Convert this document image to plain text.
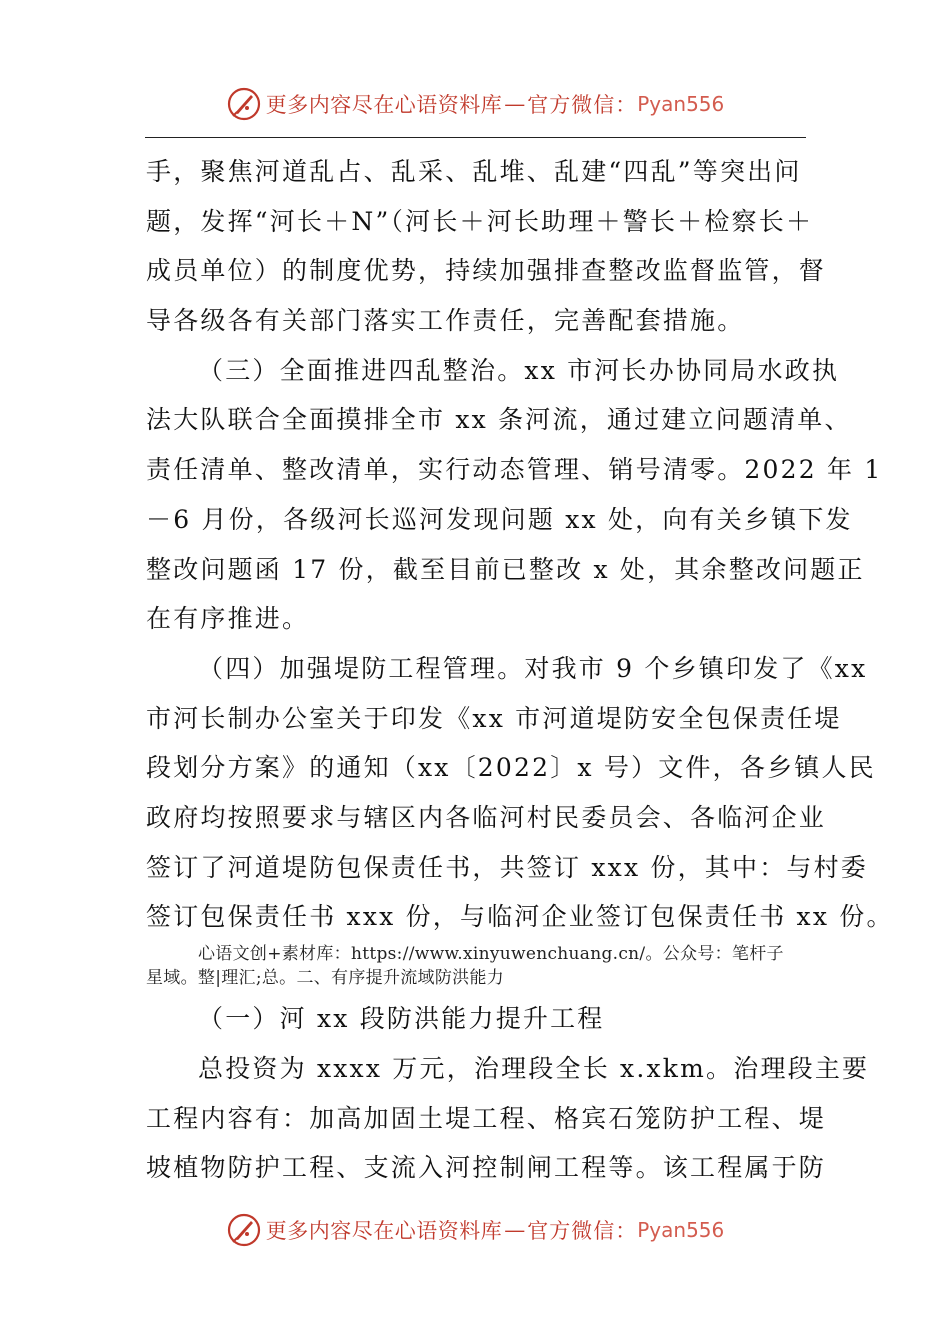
更多内容尽在心语资料库 — 官方微信： Pyan556
手，聚焦河道乱占、乱采、乱堆、乱建“四乱”等突出问
题，发挥“河长＋N”（河长＋河长助理＋警长＋检察长＋
成员单位）的制度优势，持续加强排查整改监督监管，督
导各级各有关部门落实工作责任，完善配套措施。
（三）全面推进四乱整治。xx 市河长办协同局水政执
法大队联合全面摸排全市 xx 条河流，通过建立问题清单、
责任清单、整改清单，实行动态管理、销号清零。2022 年 1
－6 月份，各级河长巡河发现问题 xx 处，向有关乡镇下发
整改问题函 17 份，截至目前已整改 x 处，其余整改问题正
在有序推进。
（四）加强堤防工程管理。对我市 9 个乡镇印发了《xx
市河长制办公室关于印发《xx 市河道堤防安全包保责任堤
段划分方案》的通知（xx〔2022〕x 号）文件，各乡镇人民
政府均按照要求与辖区内各临河村民委员会、各临河企业
签订了河道堤防包保责任书，共签订 xxx 份，其中：与村委
签订包保责任书 xxx 份，与临河企业签订包保责任书 xx 份。
心语文创+素材库：https://www.xinyuwenchuang.cn/。公众号：笔杆子
星域。整|理汇;总。二、有序提升流域防洪能力
（一）河 xx 段防洪能力提升工程
总投资为 xxxx 万元，治理段全长 x.xkm。治理段主要
工程内容有：加高加固土堤工程、格宾石笼防护工程、堤
坡植物防护工程、支流入河控制闸工程等。该工程属于防
更多内容尽在心语资料库 — 官方微信： Pyan556
